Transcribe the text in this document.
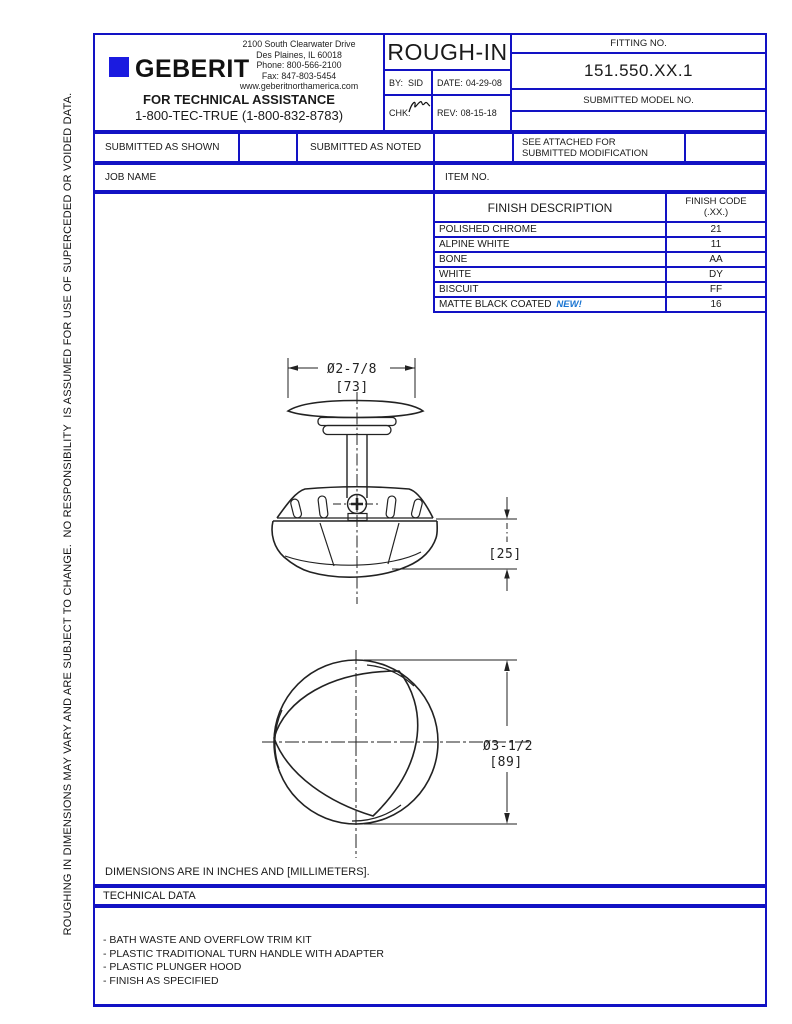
ROUGHING IN DIMENSIONS MAY VARY AND ARE SUBJECT TO CHANGE.  NO RESPONSIBILITY  IS ASSUMED FOR USE OF SUPERCEDED OR VOIDED DATA.
GEBERIT
2100 South Clearwater Drive
Des Plaines, IL 60018
Phone: 800-566-2100
Fax: 847-803-5454
www.geberitnorthamerica.com
FOR TECHNICAL ASSISTANCE
1-800-TEC-TRUE (1-800-832-8783)
ROUGH-IN
BY: SID DATE: 04-29-08
CHK:	REV: 08-15-18
FITTING NO.
151.550.XX.1
SUBMITTED MODEL NO.
SUBMITTED AS SHOWN	SUBMITTED AS NOTED	SEE ATTACHED FOR
SUBMITTED MODIFICATION
JOB NAME	ITEM NO.
Ø2-7/8
[73]
[25]
Ø3-1/2
[89]
FINISH DESCRIPTION	FINISH CODE
(.XX.)
POLISHED CHROME	21
ALPINE WHITE	11
BONE	AA
WHITE	DY
BISCUIT	FF
MATTE BLACK COATED NEW!	16
DIMENSIONS ARE IN INCHES AND [MILLIMETERS].
TECHNICAL DATA
- BATH WASTE AND OVERFLOW TRIM KIT
- PLASTIC TRADITIONAL TURN HANDLE WITH ADAPTER
- PLASTIC PLUNGER HOOD
- FINISH AS SPECIFIED
